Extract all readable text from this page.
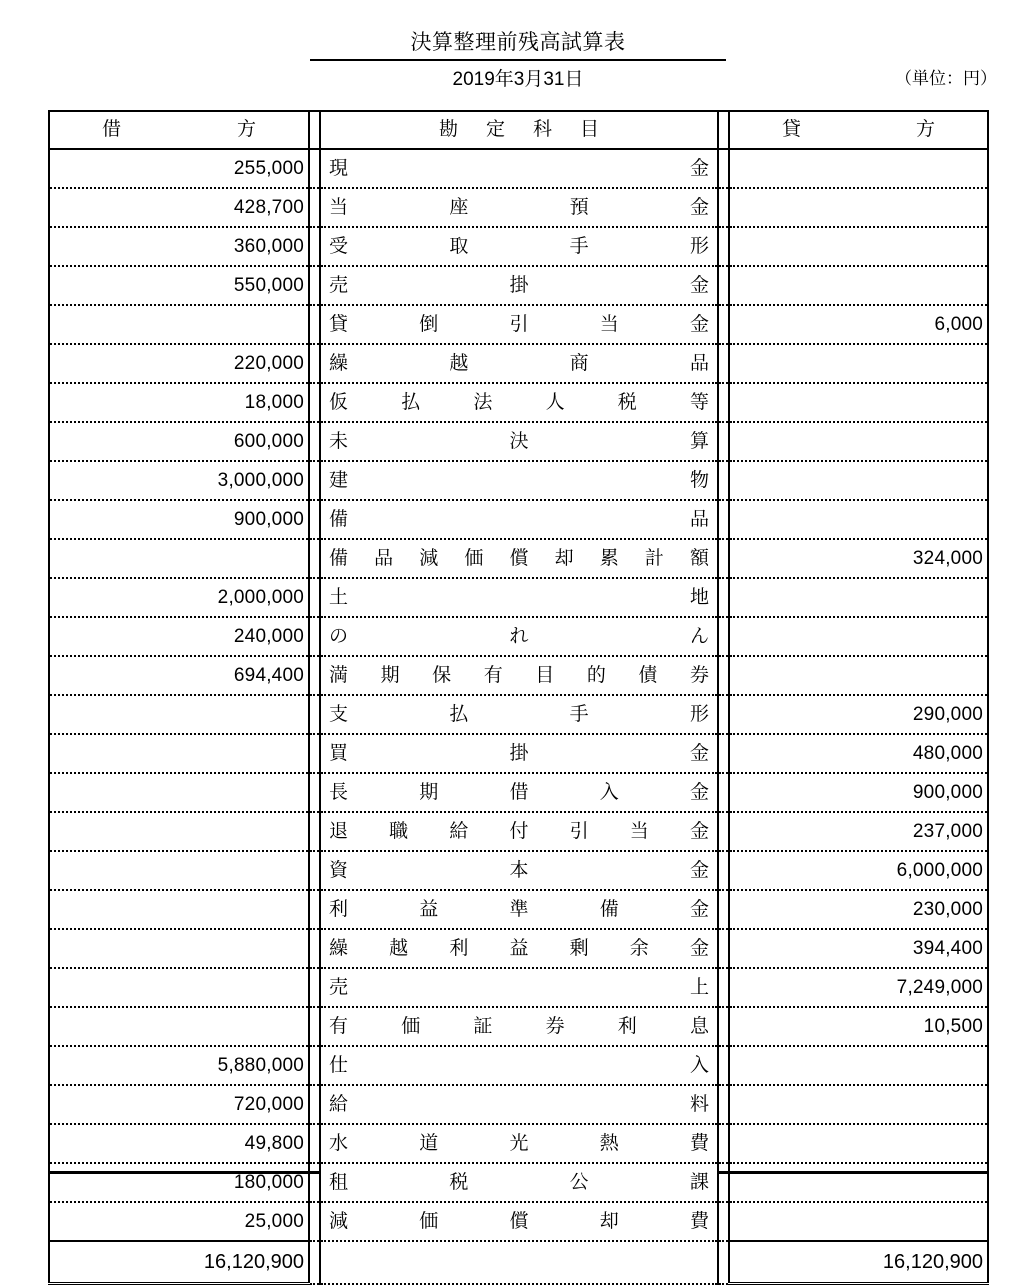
決算整理前残高試算表
2019年3月31日	（単位：円）
借 方		勘 定 科 目		貸 方

255,000		現 金		

428,700		当 座 預 金		

360,000		受 取 手 形		

550,000		売 掛 金		

		貸 倒 引 当 金		6,000
220,000		繰 越 商 品		

18,000		仮 払 法 人 税 等		

600,000		未 決 算		

3,000,000		建 物		

900,000		備 品		

		備 品 減 価 償 却 累 計 額		324,000
2,000,000		土 地		

240,000		の れ ん		

694,400		満 期 保 有 目 的 債 券		

		支 払 手 形		290,000

		買 掛 金		480,000

		長 期 借 入 金		900,000

		退 職 給 付 引 当 金		237,000

		資 本 金		6,000,000

		利 益 準 備 金		230,000

		繰 越 利 益 剰 余 金		394,400

		売 上		7,249,000

		有 価 証 券 利 息		10,500
5,880,000		仕 入		

720,000		給 料		

49,800		水 道 光 熱 費		

180,000		租 税 公 課		

25,000		減 価 償 却 費		

16,120,900				16,120,900
